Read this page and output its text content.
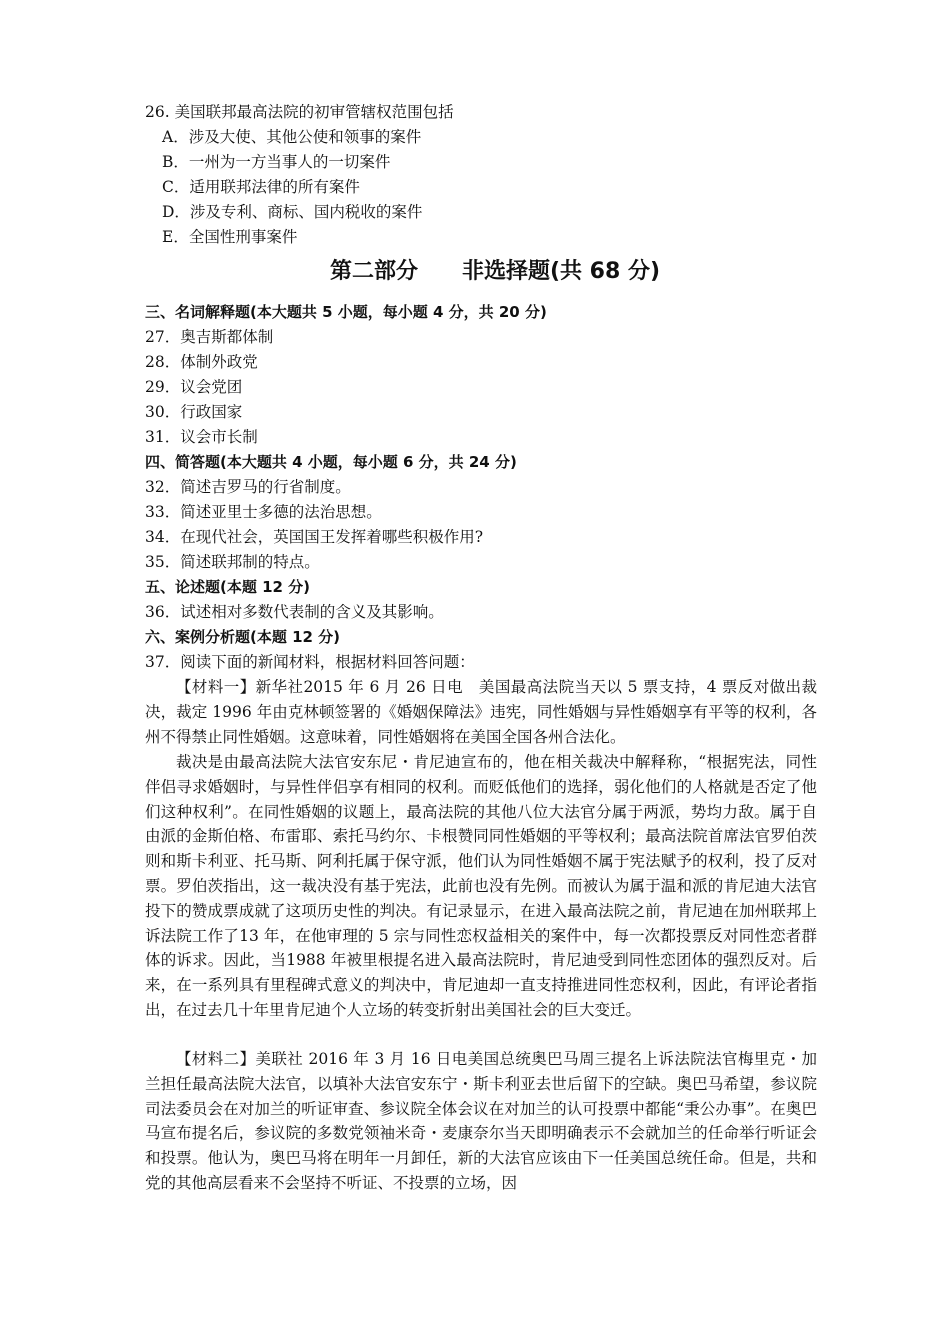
26. 美国联邦最高法院的初审管辖权范围包括

A．涉及大使、其他公使和领事的案件

B．一州为一方当事人的一切案件

C．适用联邦法律的所有案件

D．涉及专利、商标、国内税收的案件

E．全国性刑事案件

第二部分　　非选择题(共 68 分)

三、名词解释题(本大题共 5 小题，每小题 4 分，共 20 分)

27．奥吉斯都体制

28．体制外政党

29．议会党团

30．行政国家

31．议会市长制

四、简答题(本大题共 4 小题，每小题 6 分，共 24 分)

32．简述吉罗马的行省制度。

33．简述亚里士多德的法治思想。

34．在现代社会，英国国王发挥着哪些积极作用?

35．简述联邦制的特点。

五、论述题(本题 12 分)

36．试述相对多数代表制的含义及其影响。

六、案例分析题(本题 12 分)

37．阅读下面的新闻材料，根据材料回答问题：

【材料一】新华社2015 年 6 月 26 日电　美国最高法院当天以 5 票支持，4 票反对做出裁决，裁定 1996 年由克林顿签署的《婚姻保障法》违宪，同性婚姻与异性婚姻享有平等的权利，各州不得禁止同性婚姻。这意味着，同性婚姻将在美国全国各州合法化。

裁决是由最高法院大法官安东尼・肯尼迪宣布的，他在相关裁决中解释称，“根据宪法，同性伴侣寻求婚姻时，与异性伴侣享有相同的权利。而贬低他们的选择，弱化他们的人格就是否定了他们这种权利”。在同性婚姻的议题上，最高法院的其他八位大法官分属于两派，势均力敌。属于自由派的金斯伯格、布雷耶、索托马约尔、卡根赞同同性婚姻的平等权利；最高法院首席法官罗伯茨则和斯卡利亚、托马斯、阿利托属于保守派，他们认为同性婚姻不属于宪法赋予的权利，投了反对票。罗伯茨指出，这一裁决没有基于宪法，此前也没有先例。而被认为属于温和派的肯尼迪大法官投下的赞成票成就了这项历史性的判决。有记录显示，在进入最高法院之前，肯尼迪在加州联邦上诉法院工作了13 年，在他审理的 5 宗与同性恋权益相关的案件中，每一次都投票反对同性恋者群体的诉求。因此，当1988 年被里根提名进入最高法院时，肯尼迪受到同性恋团体的强烈反对。后来，在一系列具有里程碑式意义的判决中，肯尼迪却一直支持推进同性恋权利，因此，有评论者指出，在过去几十年里肯尼迪个人立场的转变折射出美国社会的巨大变迁。

【材料二】美联社 2016 年 3 月 16 日电美国总统奥巴马周三提名上诉法院法官梅里克・加兰担任最高法院大法官，以填补大法官安东宁・斯卡利亚去世后留下的空缺。奥巴马希望，参议院司法委员会在对加兰的听证审查、参议院全体会议在对加兰的认可投票中都能“秉公办事”。在奥巴马宣布提名后，参议院的多数党领袖米奇・麦康奈尔当天即明确表示不会就加兰的任命举行听证会和投票。他认为，奥巴马将在明年一月卸任，新的大法官应该由下一任美国总统任命。但是，共和党的其他高层看来不会坚持不听证、不投票的立场，因
